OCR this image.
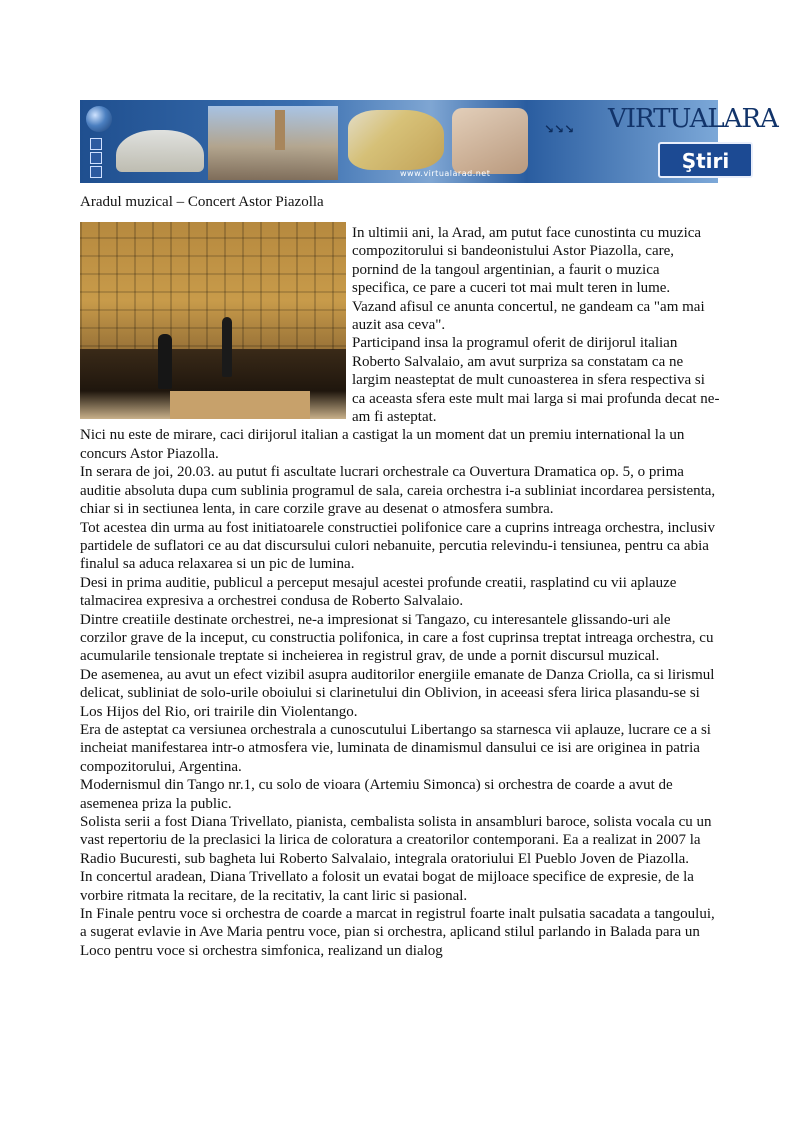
www.virtualarad.net
↘↘↘ VIRTUALARA
Ştiri
Aradul muzical – Concert Astor Piazolla

In ultimii ani, la Arad, am putut face cunostinta cu muzica compozitorului si bandeonistului Astor Piazolla, care, pornind de la tangoul argentinian, a faurit o muzica specifica, ce pare a cuceri tot mai mult teren in lume.

Vazand afisul ce anunta concertul, ne gandeam ca "am mai auzit asa ceva".

Participand insa la programul oferit de dirijorul italian Roberto Salvalaio, am avut surpriza sa constatam ca ne largim neasteptat de mult cunoasterea in sfera respectiva si ca aceasta sfera este mult mai larga si mai profunda decat ne-am fi asteptat.

Nici nu este de mirare, caci dirijorul italian a castigat la un moment dat un premiu international la un concurs Astor Piazolla.

In serara de joi, 20.03. au putut fi ascultate lucrari orchestrale ca Ouvertura Dramatica op. 5, o prima auditie absoluta dupa cum sublinia programul de sala, careia orchestra i-a subliniat incordarea persistenta, chiar si in sectiunea lenta, in care corzile grave au desenat o atmosfera sumbra.

Tot acestea din urma au fost initiatoarele constructiei polifonice care a cuprins intreaga orchestra, inclusiv partidele de suflatori ce au dat discursului culori nebanuite, percutia relevindu-i tensiunea, pentru ca abia finalul sa aduca relaxarea si un pic de lumina.

Desi in prima auditie, publicul a perceput mesajul acestei profunde creatii, rasplatind cu vii aplauze talmacirea expresiva a orchestrei condusa de Roberto Salvalaio.

Dintre creatiile destinate orchestrei, ne-a impresionat si Tangazo, cu interesantele glissando-uri ale corzilor grave de la inceput, cu constructia polifonica, in care a fost cuprinsa treptat intreaga orchestra, cu acumularile tensionale treptate si incheierea in registrul grav, de unde a pornit discursul muzical.

De asemenea, au avut un efect vizibil asupra auditorilor energiile emanate de Danza Criolla, ca si lirismul delicat, subliniat de solo-urile oboiului si clarinetului din Oblivion, in aceeasi sfera lirica plasandu-se si Los Hijos del Rio, ori trairile din Violentango.

Era de asteptat ca versiunea orchestrala a cunoscutului Libertango sa starnesca vii aplauze, lucrare ce a si incheiat manifestarea intr-o atmosfera vie, luminata de dinamismul dansului ce isi are originea in patria compozitorului, Argentina.

Modernismul din Tango nr.1, cu solo de vioara (Artemiu Simonca) si orchestra de coarde a avut de asemenea priza la public.

Solista serii a fost Diana Trivellato, pianista, cembalista solista in ansambluri baroce, solista vocala cu un vast repertoriu de la preclasici la lirica de coloratura a creatorilor contemporani. Ea a realizat in 2007 la Radio Bucuresti, sub bagheta lui Roberto Salvalaio, integrala oratoriului El Pueblo Joven de Piazolla.

In concertul aradean, Diana Trivellato a folosit un evatai bogat de mijloace specifice de expresie, de la vorbire ritmata la recitare, de la recitativ, la cant liric si pasional.

In Finale pentru voce si orchestra de coarde a marcat in registrul foarte inalt pulsatia sacadata a tangoului, a sugerat evlavie in Ave Maria pentru voce, pian si orchestra, aplicand stilul parlando in Balada para un Loco pentru voce si orchestra simfonica, realizand un dialog
